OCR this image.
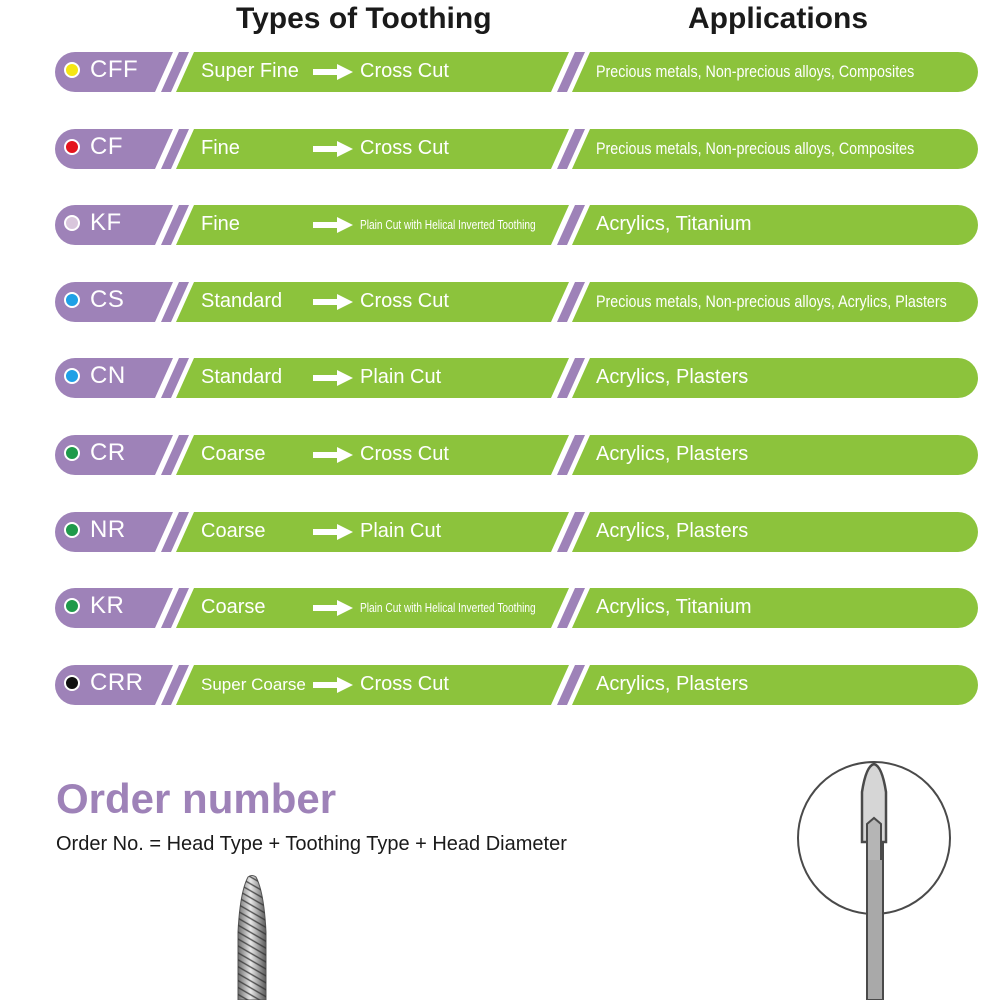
Types of Toothing	Applications
CFF	Super Fine	Cross Cut	Precious metals, Non-precious alloys, Composites
CF	Fine	Cross Cut	Precious metals, Non-precious alloys, Composites
KF	Fine	Plain Cut with Helical Inverted Toothing	Acrylics, Titanium
CS	Standard	Cross Cut	Precious metals, Non-precious alloys, Acrylics, Plasters
CN	Standard	Plain Cut	Acrylics, Plasters
CR	Coarse	Cross Cut	Acrylics, Plasters
NR	Coarse	Plain Cut	Acrylics, Plasters
KR	Coarse	Plain Cut with Helical Inverted Toothing	Acrylics, Titanium
CRR	Super Coarse	Cross Cut	Acrylics, Plasters
Order number
Order No. = Head Type + Toothing Type + Head Diameter
